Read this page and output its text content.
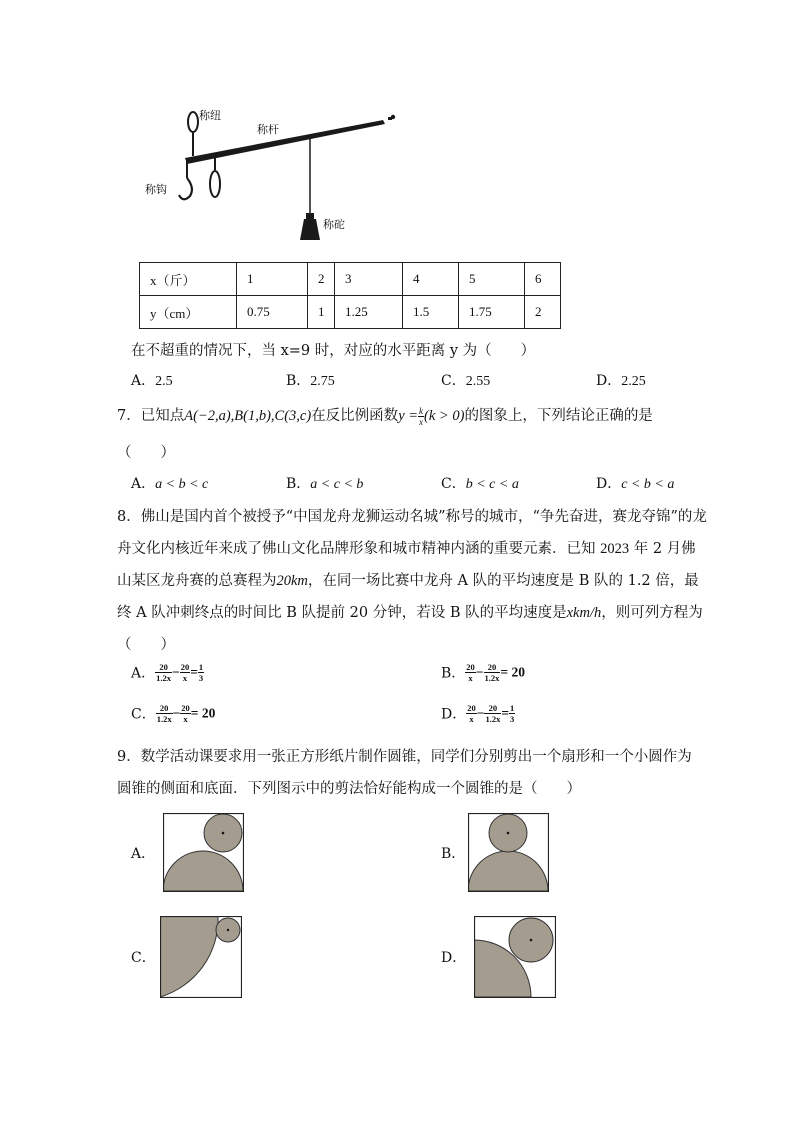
称纽
称杆
称钩
称砣
x（斤）	1	2	3	4	5	6
y（cm）	0.75	1	1.25	1.5	1.75	2
在不超重的情况下，当 x=9 时，对应的水平距离 y 为（　　）
A．2.5	B．2.75	C．2.55	D．2.25
7．已知点A(−2,a),B(1,b),C(3,c)在反比例函数$y = \frac{k}{x} (k > 0)$的图象上，下列结论正确的是
（　　）
A．a < b < c	B．a < c < b	C．b < c < a	D．c < b < a
8．佛山是国内首个被授予“中国龙舟龙狮运动名城”称号的城市，“争先奋进，赛龙夺锦”的龙
舟文化内核近年来成了佛山文化品牌形象和城市精神内涵的重要元素．已知 2023 年 2 月佛
山某区龙舟赛的总赛程为20km，在同一场比赛中龙舟 A 队的平均速度是 B 队的 1.2 倍，最
终 A 队冲刺终点的时间比 B 队提前 20 分钟，若设 B 队的平均速度是xkm/h，则可列方程为
（　　）
A． $\frac{20}{1.2x} - \frac{20}{x} = \frac{1}{3}$	B． $\frac{20}{x} - \frac{20}{1.2x} = 20$
C． $\frac{20}{1.2x} - \frac{20}{x} = 20$	D． $\frac{20}{x} - \frac{20}{1.2x} = \frac{1}{3}$
9．数学活动课要求用一张正方形纸片制作圆锥，同学们分别剪出一个扇形和一个小圆作为
圆锥的侧面和底面．下列图示中的剪法恰好能构成一个圆锥的是（　　）
A．	B．
C．	D．
